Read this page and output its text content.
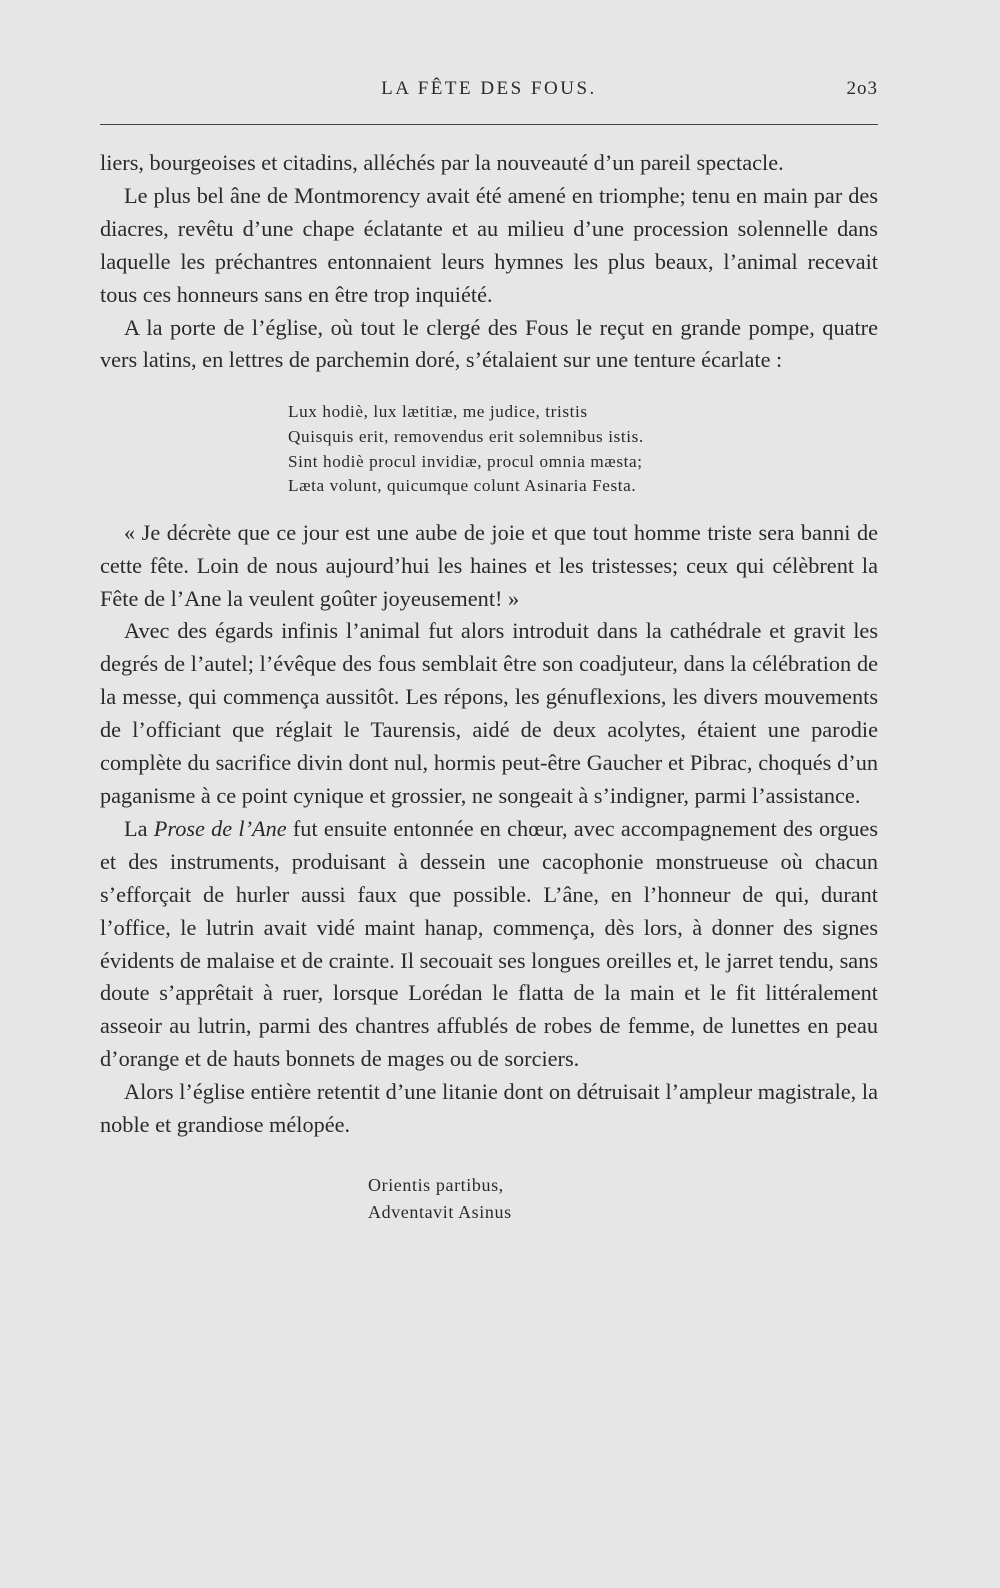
LA FÊTE DES FOUS.	2o3

liers, bourgeoises et citadins, alléchés par la nouveauté d’un pareil spectacle.

Le plus bel âne de Montmorency avait été amené en triomphe; tenu en main par des diacres, revêtu d’une chape éclatante et au milieu d’une procession solennelle dans laquelle les préchantres entonnaient leurs hymnes les plus beaux, l’animal recevait tous ces honneurs sans en être trop inquiété.

A la porte de l’église, où tout le clergé des Fous le reçut en grande pompe, quatre vers latins, en lettres de parchemin doré, s’étalaient sur une tenture écarlate :

Lux hodiè, lux lætitiæ, me judice, tristis
Quisquis erit, removendus erit solemnibus istis.
Sint hodiè procul invidiæ, procul omnia mæsta;
Læta volunt, quicumque colunt Asinaria Festa.

« Je décrète que ce jour est une aube de joie et que tout homme triste sera banni de cette fête. Loin de nous aujourd’hui les haines et les tristesses; ceux qui célèbrent la Fête de l’Ane la veulent goûter joyeusement! »

Avec des égards infinis l’animal fut alors introduit dans la cathédrale et gravit les degrés de l’autel; l’évêque des fous semblait être son coadjuteur, dans la célébration de la messe, qui commença aussitôt. Les répons, les génuflexions, les divers mouvements de l’officiant que réglait le Taurensis, aidé de deux acolytes, étaient une parodie complète du sacrifice divin dont nul, hormis peut-être Gaucher et Pibrac, choqués d’un paganisme à ce point cynique et grossier, ne songeait à s’indigner, parmi l’assistance.

La Prose de l’Ane fut ensuite entonnée en chœur, avec accompagnement des orgues et des instruments, produisant à dessein une cacophonie monstrueuse où chacun s’efforçait de hurler aussi faux que possible. L’âne, en l’honneur de qui, durant l’office, le lutrin avait vidé maint hanap, commença, dès lors, à donner des signes évidents de malaise et de crainte. Il secouait ses longues oreilles et, le jarret tendu, sans doute s’apprêtait à ruer, lorsque Lorédan le flatta de la main et le fit littéralement asseoir au lutrin, parmi des chantres affublés de robes de femme, de lunettes en peau d’orange et de hauts bonnets de mages ou de sorciers.

Alors l’église entière retentit d’une litanie dont on détruisait l’ampleur magistrale, la noble et grandiose mélopée.

Orientis partibus,
Adventavit Asinus
